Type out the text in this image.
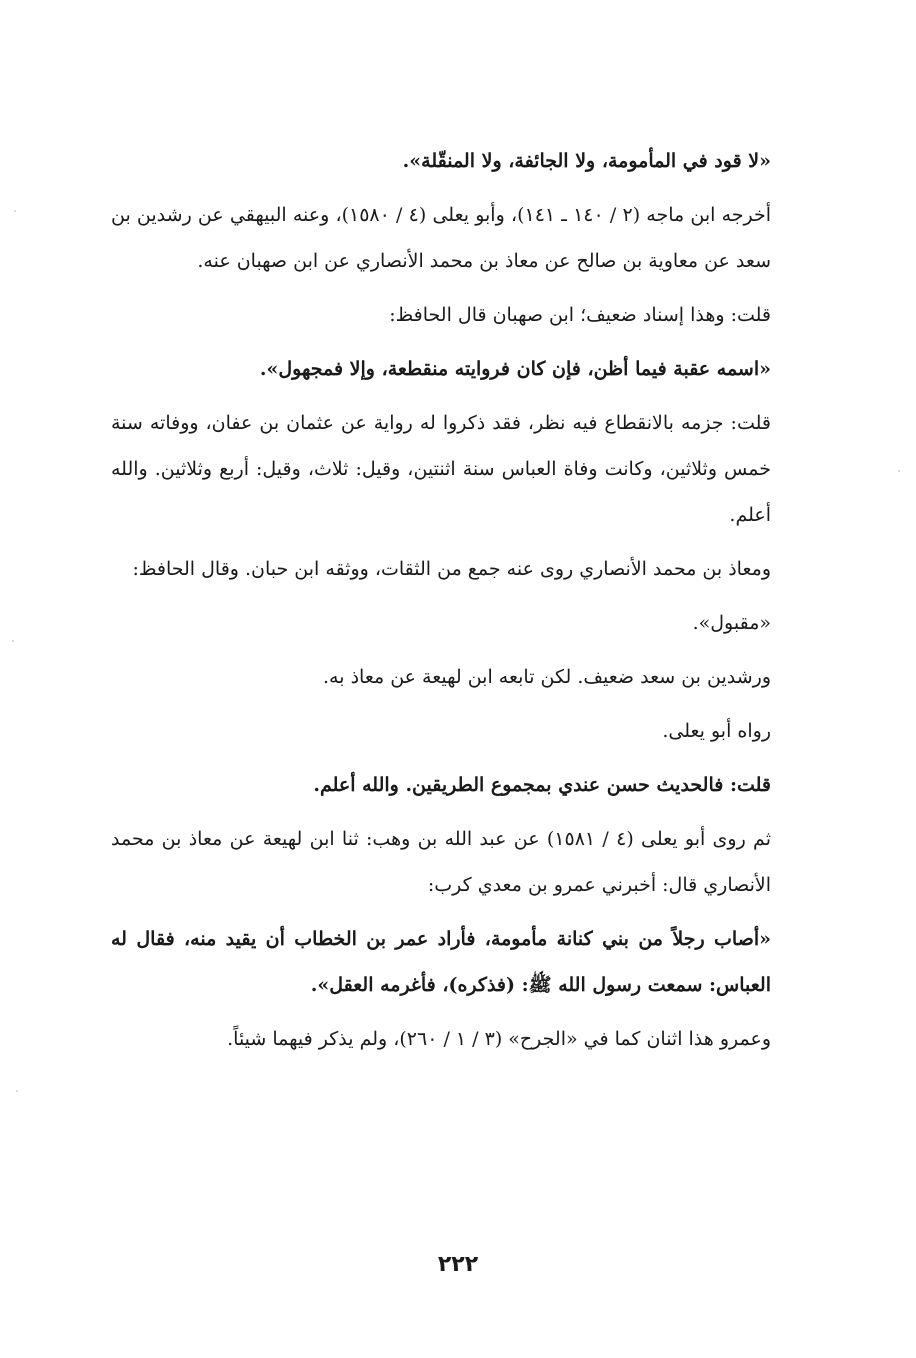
«لا قود في المأمومة، ولا الجائفة، ولا المنقّلة».

أخرجه ابن ماجه (٢ / ١٤٠ ـ ١٤١)، وأبو يعلى (٤ / ١٥٨٠)، وعنه البيهقي عن رشدين بن سعد عن معاوية بن صالح عن معاذ بن محمد الأنصاري عن ابن صهبان عنه.

قلت: وهذا إسناد ضعيف؛ ابن صهبان قال الحافظ:

«اسمه عقبة فيما أظن، فإن كان فروايته منقطعة، وإلا فمجهول».

قلت: جزمه بالانقطاع فيه نظر، فقد ذكروا له رواية عن عثمان بن عفان، ووفاته سنة خمس وثلاثين، وكانت وفاة العباس سنة اثنتين، وقيل: ثلاث، وقيل: أربع وثلاثين. والله أعلم.

ومعاذ بن محمد الأنصاري روى عنه جمع من الثقات، ووثقه ابن حبان. وقال الحافظ:

«مقبول».

ورشدين بن سعد ضعيف. لكن تابعه ابن لهيعة عن معاذ به.

رواه أبو يعلى.

قلت: فالحديث حسن عندي بمجموع الطريقين. والله أعلم.

ثم روى أبو يعلى (٤ / ١٥٨١) عن عبد الله بن وهب: ثنا ابن لهيعة عن معاذ بن محمد الأنصاري قال: أخبرني عمرو بن معدي كرب:

«أصاب رجلاً من بني كنانة مأمومة، فأراد عمر بن الخطاب أن يقيد منه، فقال له العباس: سمعت رسول الله ﷺ: (فذكره)، فأغرمه العقل».

وعمرو هذا اثنان كما في «الجرح» (٣ / ١ / ٢٦٠)، ولم يذكر فيهما شيئاً.

٢٢٢
